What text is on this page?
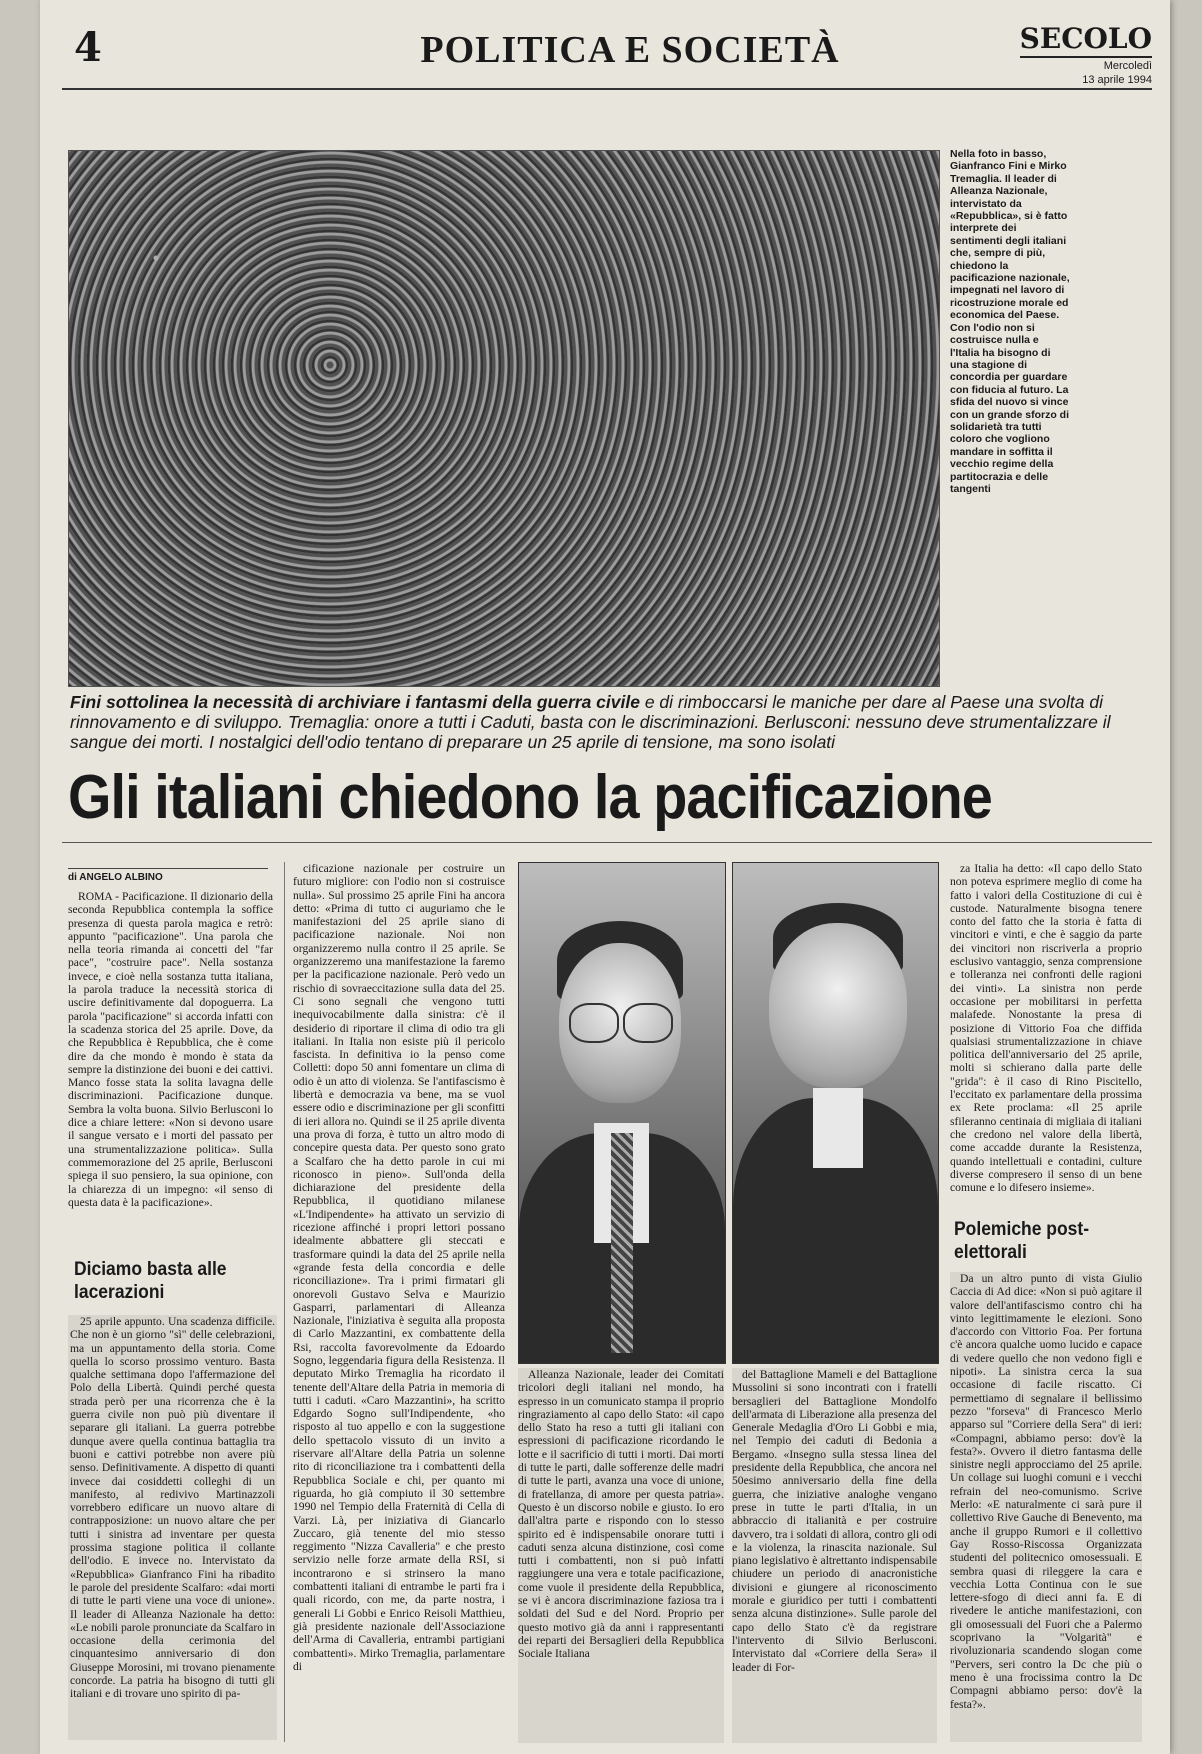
4	POLITICA E SOCIETÀ	SECOLO
Mercoledì
13 aprile 1994
Nella foto in basso, Gianfranco Fini e Mirko Tremaglia. Il leader di Alleanza Nazionale, intervistato da «Repubblica», si è fatto interprete dei sentimenti degli italiani che, sempre di più, chiedono la pacificazione nazionale, impegnati nel lavoro di ricostruzione morale ed economica del Paese. Con l'odio non si costruisce nulla e l'Italia ha bisogno di una stagione di concordia per guardare con fiducia al futuro. La sfida del nuovo si vince con un grande sforzo di solidarietà tra tutti coloro che vogliono mandare in soffitta il vecchio regime della partitocrazia e delle tangenti
Fini sottolinea la necessità di archiviare i fantasmi della guerra civile e di rimboccarsi le maniche per dare al Paese una svolta di rinnovamento e di sviluppo. Tremaglia: onore a tutti i Caduti, basta con le discriminazioni. Berlusconi: nessuno deve strumentalizzare il sangue dei morti. I nostalgici dell'odio tentano di preparare un 25 aprile di tensione, ma sono isolati
Gli italiani chiedono la pacificazione
di ANGELO ALBINO

ROMA - Pacificazione. Il dizionario della seconda Repubblica contempla la soffice presenza di questa parola magica e retrò: appunto "pacificazione". Una parola che nella teoria rimanda ai concetti del "far pace", "costruire pace". Nella sostanza invece, e cioè nella sostanza tutta italiana, la parola traduce la necessità storica di uscire definitivamente dal dopoguerra. La parola "pacificazione" si accorda infatti con la scadenza storica del 25 aprile. Dove, da che Repubblica è Repubblica, che è come dire da che mondo è mondo è stata da sempre la distinzione dei buoni e dei cattivi. Manco fosse stata la solita lavagna delle discriminazioni. Pacificazione dunque. Sembra la volta buona. Silvio Berlusconi lo dice a chiare lettere: «Non si devono usare il sangue versato e i morti del passato per una strumentalizzazione politica». Sulla commemorazione del 25 aprile, Berlusconi spiega il suo pensiero, la sua opinione, con la chiarezza di un impegno: «il senso di questa data è la pacificazione».

Diciamo basta alle lacerazioni

25 aprile appunto. Una scadenza difficile. Che non è un giorno "sì" delle celebrazioni, ma un appuntamento della storia. Come quella lo scorso prossimo venturo. Basta qualche settimana dopo l'affermazione del Polo della Libertà. Quindi perché questa strada però per una ricorrenza che è la guerra civile non può più diventare il separare gli italiani. La guerra potrebbe dunque avere quella continua battaglia tra buoni e cattivi potrebbe non avere più senso. Definitivamente. A dispetto di quanti invece dai cosiddetti colleghi di un manifesto, al redivivo Martinazzoli vorrebbero edificare un nuovo altare di contrapposizione: un nuovo altare che per tutti i sinistra ad inventare per questa prossima stagione politica il collante dell'odio. E invece no. Intervistato da «Repubblica» Gianfranco Fini ha ribadito le parole del presidente Scalfaro: «dai morti di tutte le parti viene una voce di unione». Il leader di Alleanza Nazionale ha detto: «Le nobili parole pronunciate da Scalfaro in occasione della cerimonia del cinquantesimo anniversario di don Giuseppe Morosini, mi trovano pienamente concorde. La patria ha bisogno di tutti gli italiani e di trovare uno spirito di pa-

cificazione nazionale per costruire un futuro migliore: con l'odio non si costruisce nulla». Sul prossimo 25 aprile Fini ha ancora detto: «Prima di tutto ci auguriamo che le manifestazioni del 25 aprile siano di pacificazione nazionale. Noi non organizzeremo nulla contro il 25 aprile. Se organizzeremo una manifestazione la faremo per la pacificazione nazionale. Però vedo un rischio di sovraeccitazione sulla data del 25. Ci sono segnali che vengono tutti inequivocabilmente dalla sinistra: c'è il desiderio di riportare il clima di odio tra gli italiani. In Italia non esiste più il pericolo fascista. In definitiva io la penso come Colletti: dopo 50 anni fomentare un clima di odio è un atto di violenza. Se l'antifascismo è libertà e democrazia va bene, ma se vuol essere odio e discriminazione per gli sconfitti di ieri allora no. Quindi se il 25 aprile diventa una prova di forza, è tutto un altro modo di concepire questa data. Per questo sono grato a Scalfaro che ha detto parole in cui mi riconosco in pieno». Sull'onda della dichiarazione del presidente della Repubblica, il quotidiano milanese «L'Indipendente» ha attivato un servizio di ricezione affinché i propri lettori possano idealmente abbattere gli steccati e trasformare quindi la data del 25 aprile nella «grande festa della concordia e delle riconciliazione». Tra i primi firmatari gli onorevoli Gustavo Selva e Maurizio Gasparri, parlamentari di Alleanza Nazionale, l'iniziativa è seguita alla proposta di Carlo Mazzantini, ex combattente della Rsi, raccolta favorevolmente da Edoardo Sogno, leggendaria figura della Resistenza. Il deputato Mirko Tremaglia ha ricordato il tenente dell'Altare della Patria in memoria di tutti i caduti. «Caro Mazzantini», ha scritto Edgardo Sogno sull'Indipendente, «ho risposto al tuo appello e con la suggestione dello spettacolo vissuto di un invito a riservare all'Altare della Patria un solenne rito di riconciliazione tra i combattenti della Repubblica Sociale e chi, per quanto mi riguarda, ho già compiuto il 30 settembre 1990 nel Tempio della Fraternità di Cella di Varzi. Là, per iniziativa di Giancarlo Zuccaro, già tenente del mio stesso reggimento "Nizza Cavalleria" e che presto servizio nelle forze armate della RSI, si incontrarono e si strinsero la mano combattenti italiani di entrambe le parti fra i quali ricordo, con me, da parte nostra, i generali Li Gobbi e Enrico Reisoli Matthieu, già presidente nazionale dell'Associazione dell'Arma di Cavalleria, entrambi partigiani combattenti». Mirko Tremaglia, parlamentare di

Alleanza Nazionale, leader dei Comitati tricolori degli italiani nel mondo, ha espresso in un comunicato stampa il proprio ringraziamento al capo dello Stato: «il capo dello Stato ha reso a tutti gli italiani con espressioni di pacificazione ricordando le lotte e il sacrificio di tutti i morti. Dai morti di tutte le parti, dalle sofferenze delle madri di tutte le parti, avanza una voce di unione, di fratellanza, di amore per questa patria». Questo è un discorso nobile e giusto. Io ero dall'altra parte e rispondo con lo stesso spirito ed è indispensabile onorare tutti i caduti senza alcuna distinzione, così come tutti i combattenti, non si può infatti raggiungere una vera e totale pacificazione, come vuole il presidente della Repubblica, se vi è ancora discriminazione faziosa tra i soldati del Sud e del Nord. Proprio per questo motivo già da anni i rappresentanti dei reparti dei Bersaglieri della Repubblica Sociale Italiana

del Battaglione Mameli e del Battaglione Mussolini si sono incontrati con i fratelli bersaglieri del Battaglione Mondolfo dell'armata di Liberazione alla presenza del Generale Medaglia d'Oro Li Gobbi e mia, nel Tempio dei caduti di Bedonia a Bergamo. «Insegno sulla stessa linea del presidente della Repubblica, che ancora nel 50esimo anniversario della fine della guerra, che iniziative analoghe vengano prese in tutte le parti d'Italia, in un abbraccio di italianità e per costruire davvero, tra i soldati di allora, contro gli odi e la violenza, la rinascita nazionale. Sul piano legislativo è altrettanto indispensabile chiudere un periodo di anacronistiche divisioni e giungere al riconoscimento morale e giuridico per tutti i combattenti senza alcuna distinzione». Sulle parole del capo dello Stato c'è da registrare l'intervento di Silvio Berlusconi. Intervistato dal «Corriere della Sera» il leader di For-

za Italia ha detto: «Il capo dello Stato non poteva esprimere meglio di come ha fatto i valori della Costituzione di cui è custode. Naturalmente bisogna tenere conto del fatto che la storia è fatta di vincitori e vinti, e che è saggio da parte dei vincitori non riscriverla a proprio esclusivo vantaggio, senza comprensione e tolleranza nei confronti delle ragioni dei vinti». La sinistra non perde occasione per mobilitarsi in perfetta malafede. Nonostante la presa di posizione di Vittorio Foa che diffida qualsiasi strumentalizzazione in chiave politica dell'anniversario del 25 aprile, molti si schierano dalla parte delle "grida": è il caso di Rino Piscitello, l'eccitato ex parlamentare della prossima ex Rete proclama: «Il 25 aprile sfileranno centinaia di migliaia di italiani che credono nel valore della libertà, come accadde durante la Resistenza, quando intellettuali e contadini, culture diverse compresero il senso di un bene comune e lo difesero insieme».

Polemiche post-elettorali

Da un altro punto di vista Giulio Caccia di Ad dice: «Non si può agitare il valore dell'antifascismo contro chi ha vinto legittimamente le elezioni. Sono d'accordo con Vittorio Foa. Per fortuna c'è ancora qualche uomo lucido e capace di vedere quello che non vedono figli e nipoti». La sinistra cerca la sua occasione di facile riscatto. Ci permettiamo di segnalare il bellissimo pezzo "forseva" di Francesco Merlo apparso sul "Corriere della Sera" di ieri: «Compagni, abbiamo perso: dov'è la festa?». Ovvero il dietro fantasma delle sinistre negli approcciamo del 25 aprile. Un collage sui luoghi comuni e i vecchi refrain del neo-comunismo. Scrive Merlo: «E naturalmente ci sarà pure il collettivo Rive Gauche di Benevento, ma anche il gruppo Rumori e il collettivo Gay Rosso-Riscossa Organizzata studenti del politecnico omosessuali. E sembra quasi di rileggere la cara e vecchia Lotta Continua con le sue lettere-sfogo di dieci anni fa. E di rivedere le antiche manifestazioni, con gli omosessuali del Fuori che a Palermo scoprivano la "Volgarità" e rivoluzionaria scandendo slogan come "Pervers, seri contro la Dc che più o meno è una frocissima contro la Dc Compagni abbiamo perso: dov'è la festa?».
